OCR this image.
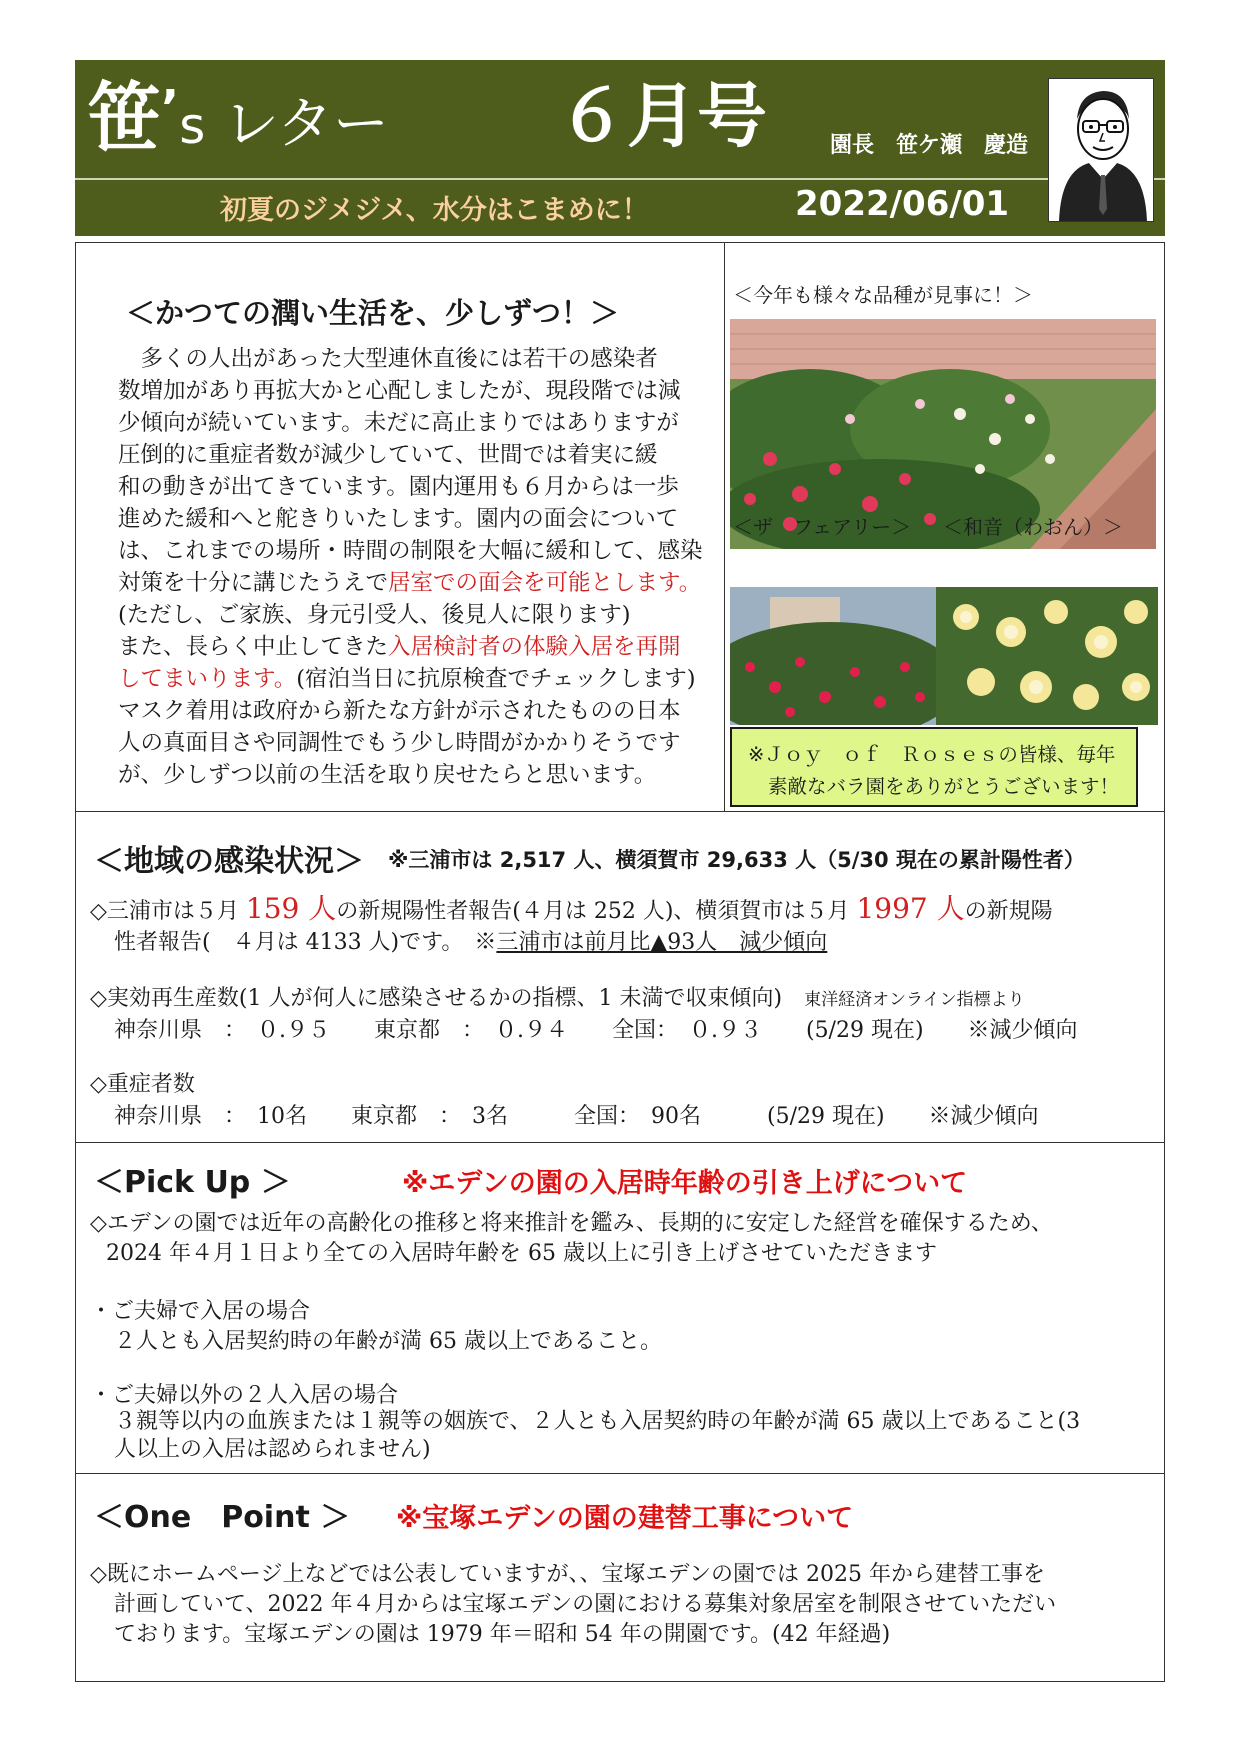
笹’s レター ６月号	園長　笹ケ瀬　慶造
初夏のジメジメ、水分はこまめに！	2022/06/01
＜かつての潤い生活を、少しずつ！＞
　多くの人出があった大型連休直後には若干の感染者
数増加があり再拡大かと心配しましたが、現段階では減
少傾向が続いています。未だに高止まりではありますが
圧倒的に重症者数が減少していて、世間では着実に緩
和の動きが出てきています。園内運用も６月からは一歩
進めた緩和へと舵きりいたします。園内の面会について
は、これまでの場所・時間の制限を大幅に緩和して、感染
対策を十分に講じたうえで居室での面会を可能とします。
(ただし、ご家族、身元引受人、後見人に限ります)
また、長らく中止してきた入居検討者の体験入居を再開
してまいります。(宿泊当日に抗原検査でチェックします)
マスク着用は政府から新たな方針が示されたものの日本
人の真面目さや同調性でもう少し時間がかかりそうです
が、少しずつ以前の生活を取り戻せたらと思います。
＜今年も様々な品種が見事に！＞
＜ザ　フェアリー＞ ＜和音（わおん）＞
※Ｊｏｙ　ｏｆ　Ｒｏｓｅｓの皆様、毎年
素敵なバラ園をありがとうございます！
＜地域の感染状況＞ ※三浦市は 2,517 人、横須賀市 29,633 人（5/30 現在の累計陽性者）
◇三浦市は５月 159 人の新規陽性者報告(４月は 252 人)、横須賀市は５月 1997 人の新規陽
性者報告(　４月は 4133 人)です。　※三浦市は前月比▲93人　減少傾向
◇実効再生産数(1 人が何人に感染させるかの指標、1 未満で収束傾向)　 東洋経済オンライン指標より
神奈川県　：　０.９５　　東京都　：　０.９４　　全国：　０.９３　　(5/29 現在)　　※減少傾向
◇重症者数
神奈川県　：　10名　　東京都　：　3名　　　全国：　90名　　　(5/29 現在)　　※減少傾向
＜Pick Up ＞	※エデンの園の入居時年齢の引き上げについて
◇エデンの園では近年の高齢化の推移と将来推計を鑑み、長期的に安定した経営を確保するため、
2024 年４月１日より全ての入居時年齢を 65 歳以上に引き上げさせていただきます
・ご夫婦で入居の場合
２人とも入居契約時の年齢が満 65 歳以上であること。
・ご夫婦以外の２人入居の場合
３親等以内の血族または１親等の姻族で、２人とも入居契約時の年齢が満 65 歳以上であること(3
人以上の入居は認められません)
＜One　Point ＞ ※宝塚エデンの園の建替工事について
◇既にホームページ上などでは公表していますが、、宝塚エデンの園では 2025 年から建替工事を
計画していて、2022 年４月からは宝塚エデンの園における募集対象居室を制限させていただい
ております。宝塚エデンの園は 1979 年＝昭和 54 年の開園です。(42 年経過)
